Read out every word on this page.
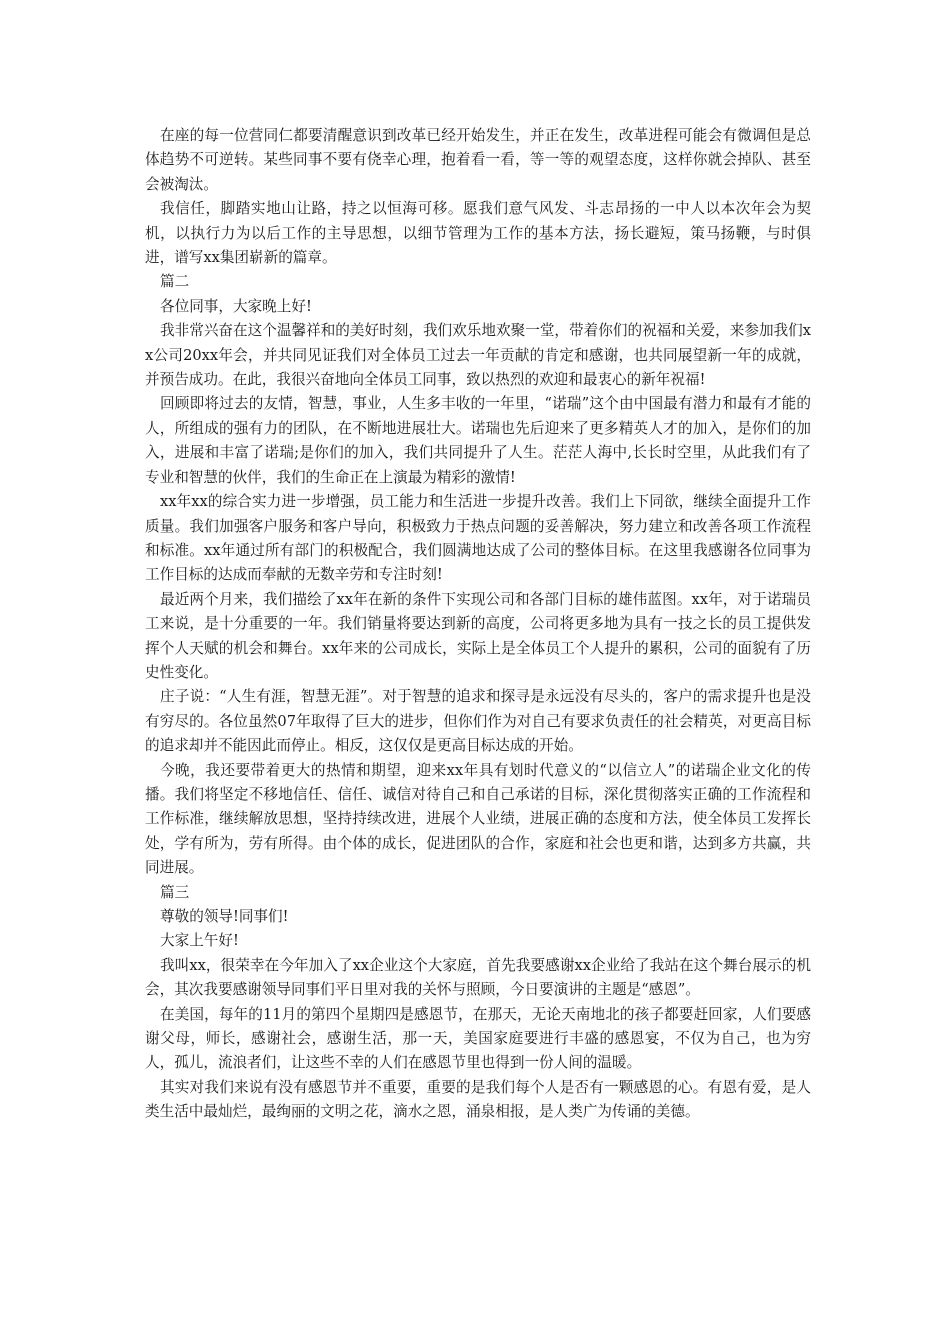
在座的每一位营同仁都要清醒意识到改革已经开始发生，并正在发生，改革进程可能会有微调但是总体趋势不可逆转。某些同事不要有侥幸心理，抱着看一看，等一等的观望态度，这样你就会掉队、甚至会被淘汰。

我信任，脚踏实地山让路，持之以恒海可移。愿我们意气风发、斗志昂扬的一中人以本次年会为契机，以执行力为以后工作的主导思想，以细节管理为工作的基本方法，扬长避短，策马扬鞭，与时俱进，谱写xx集团崭新的篇章。

篇二

各位同事，大家晚上好!

我非常兴奋在这个温馨祥和的美好时刻，我们欢乐地欢聚一堂，带着你们的祝福和关爱，来参加我们xx公司20xx年会，并共同见证我们对全体员工过去一年贡献的肯定和感谢，也共同展望新一年的成就，并预告成功。在此，我很兴奋地向全体员工同事，致以热烈的欢迎和最衷心的新年祝福!

回顾即将过去的友情，智慧，事业，人生多丰收的一年里，“诺瑞”这个由中国最有潜力和最有才能的人，所组成的强有力的团队，在不断地进展壮大。诺瑞也先后迎来了更多精英人才的加入，是你们的加入，进展和丰富了诺瑞;是你们的加入，我们共同提升了人生。茫茫人海中,长长时空里，从此我们有了专业和智慧的伙伴，我们的生命正在上演最为精彩的激情!

xx年xx的综合实力进一步增强，员工能力和生活进一步提升改善。我们上下同欲，继续全面提升工作质量。我们加强客户服务和客户导向，积极致力于热点问题的妥善解决，努力建立和改善各项工作流程和标准。xx年通过所有部门的积极配合，我们圆满地达成了公司的整体目标。在这里我感谢各位同事为工作目标的达成而奉献的无数辛劳和专注时刻!

最近两个月来，我们描绘了xx年在新的条件下实现公司和各部门目标的雄伟蓝图。xx年，对于诺瑞员工来说，是十分重要的一年。我们销量将要达到新的高度，公司将更多地为具有一技之长的员工提供发挥个人天赋的机会和舞台。xx年来的公司成长，实际上是全体员工个人提升的累积，公司的面貌有了历史性变化。

庄子说：“人生有涯，智慧无涯”。对于智慧的追求和探寻是永远没有尽头的，客户的需求提升也是没有穷尽的。各位虽然07年取得了巨大的进步，但你们作为对自己有要求负责任的社会精英，对更高目标的追求却并不能因此而停止。相反，这仅仅是更高目标达成的开始。

今晚，我还要带着更大的热情和期望，迎来xx年具有划时代意义的“以信立人”的诺瑞企业文化的传播。我们将坚定不移地信任、信任、诚信对待自己和自己承诺的目标，深化贯彻落实正确的工作流程和工作标准，继续解放思想，坚持持续改进，进展个人业绩，进展正确的态度和方法，使全体员工发挥长处，学有所为，劳有所得。由个体的成长，促进团队的合作，家庭和社会也更和谐，达到多方共赢，共同进展。

篇三

尊敬的领导!同事们!

大家上午好!

我叫xx，很荣幸在今年加入了xx企业这个大家庭，首先我要感谢xx企业给了我站在这个舞台展示的机会，其次我要感谢领导同事们平日里对我的关怀与照顾，今日要演讲的主题是“感恩”。

在美国，每年的11月的第四个星期四是感恩节，在那天，无论天南地北的孩子都要赶回家，人们要感谢父母，师长，感谢社会，感谢生活，那一天，美国家庭要进行丰盛的感恩宴，不仅为自己，也为穷人，孤儿，流浪者们，让这些不幸的人们在感恩节里也得到一份人间的温暖。

其实对我们来说有没有感恩节并不重要，重要的是我们每个人是否有一颗感恩的心。有恩有爱，是人类生活中最灿烂，最绚丽的文明之花，滴水之恩，涌泉相报，是人类广为传诵的美德。
